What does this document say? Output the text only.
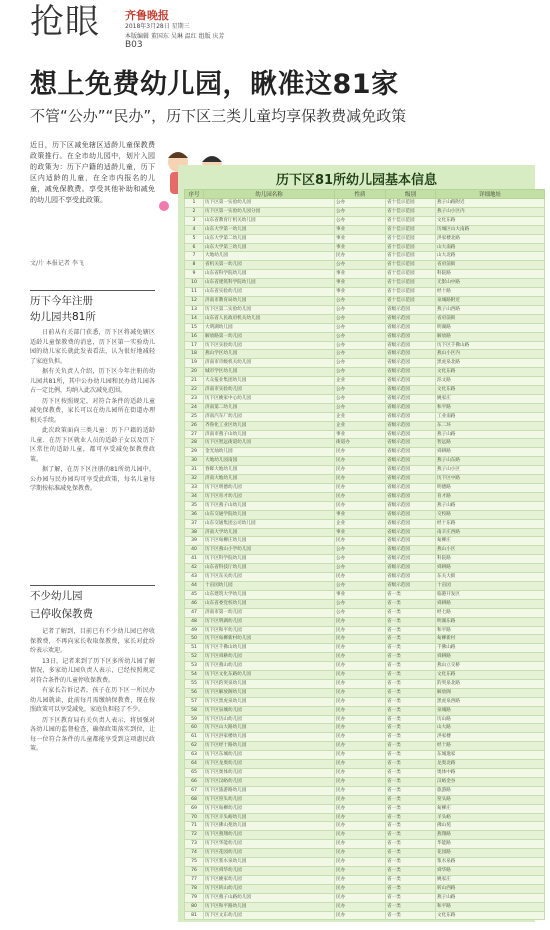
抢眼 齐鲁晚报
2018年3月28日 星期三
本版编辑 董国东 吴琳 温红 组版 庆芳
B03
想上免费幼儿园，瞅准这81家
不管“公办”“民办”，历下区三类儿童均享保教费减免政策
近日，历下区减免辖区适龄儿童保教费政策推行。在全市幼儿园中，划片入园的政策为：历下户籍的适龄儿童，历下区内适龄的儿童，在全市内报名的儿童，减免保教费。享受其他补助和减免的幼儿园不享受此政策。
文/片 本报记者 李飞
历下今年注册
幼儿园共81所

日前从有关部门获悉，历下区将减免辖区适龄儿童保教费的消息，历下区第一实验幼儿园的幼儿家长就此发表看法，认为很好地减轻了家庭负担。

据有关负责人介绍，历下区今年注册的幼儿园共81所，其中公办幼儿园和民办幼儿园各占一定比例，均纳入此次减免范围。

历下区按照规定，对符合条件的适龄儿童减免保教费，家长可以在幼儿园所在街道办理相关手续。

此次政策面向三类儿童：历下户籍的适龄儿童、在历下区就业人员的适龄子女以及历下区常住的适龄儿童，都可享受减免保教费政策。

据了解，在历下区注册的81所幼儿园中，公办园与民办园均可享受此政策，每名儿童每学期按标准减免保教费。

不少幼儿园
已停收保教费

记者了解到，目前已有不少幼儿园已停收保教费，不再向家长收取保教费，家长对此纷纷表示欢迎。

13日，记者来到了历下区多所幼儿园了解情况，多家幼儿园负责人表示，已经按照规定对符合条件的儿童停收保教费。

有家长告诉记者，孩子在历下区一所民办幼儿园就读，此前每月需缴纳保教费，现在按照政策可以享受减免，家庭负担轻了不少。

历下区教育局有关负责人表示，将加强对各幼儿园的监督检查，确保政策落实到位，让每一位符合条件的儿童都能享受到这项惠民政策。

历下区81所幼儿园基本信息
序号	幼儿园名称	性质	级别	详细地址
1	历下区第一实验幼儿园	公办	省十佳示范园	燕子山路附近
2	历下区第一实验幼儿园分园	公办	省十佳示范园	燕子山小区内
3	山东省教育厅机关幼儿园	公办	省十佳示范园	文化东路
4	山东大学第一幼儿园	事业	省十佳示范园	历城区山大南路
5	山东大学第二幼儿园	事业	省十佳示范园	洪家楼北路
6	山东大学第三幼儿园	事业	省十佳示范园	山大南路
7	大地幼儿园	民办	省十佳示范园	山大北路
8	省机关第一幼儿园	公办	省十佳示范园	省府前街
9	山东省科学院幼儿园	事业	省十佳示范园	科院路
10	山东省建筑科学院幼儿园	事业	省十佳示范园	无影山中路
11	山东省实验幼儿园	事业	省十佳示范园	经十路
12	济南市教育局幼儿园	公办	省十佳示范园	泉城路附近
13	历下区第二实验幼儿园	公办	省级示范园	燕子山西路
14	山东省人民政府机关幼儿园	公办	省级示范园	省府前街
15	大明湖幼儿园	公办	省级示范园	明湖路
16	解放路第一幼儿园	公办	省级示范园	解放路
17	历下区实验幼儿园	公办	省级示范园	历下区千佛山路
18	燕山学区幼儿园	公办	省级示范园	燕山小区内
19	济南市市级机关幼儿园	公办	省级示范园	黑虎泉北路
20	城市学区幼儿园	公办	省级示范园	文化东路
21	大众报业集团幼儿园	企业	省级示范园	泺文路
22	济南市实验幼儿园	公办	省级示范园	文化东路
23	历下区姚家中心幼儿园	公办	省级示范园	姚家庄
24	济南第二幼儿园	公办	省级示范园	和平路
25	济南汽车厂幼儿园	企业	省级示范园	工业南路
26	齐鲁化工业区幼儿园	企业	省级示范园	东二环
27	济南市燕子山幼儿园	事业	省级示范园	燕子山路
28	历下区智远街道幼儿园	街道办	省级示范园	智远路
29	金光灿幼儿园	民办	省级示范园	舜耕路
30	大地幼儿园南园	民办	省级示范园	燕子山东路
31	春晖大地幼儿园	民办	省级示范园	燕子山小区
32	济南大地幼儿园	民办	省级示范园	历下区中路
33	历下区明德幼儿园	民办	省级示范园	明德路
34	历下区育才幼儿园	民办	省级示范园	育才路
35	历下区燕子山幼儿园	民办	省级示范园	燕子山路
36	山东交通学院幼儿园	事业	省级示范园	交校路
37	山东交通集团公司幼儿园	企业	省级示范园	经十东路
38	济南大学幼儿园	事业	省级示范园	南辛庄西路
39	历下区甸柳庄幼儿园	民办	省级示范园	甸柳庄
40	历下区燕山小学幼儿园	公办	省级示范园	燕山小区
41	历下区科学院幼儿园	公办	省级示范园	科院路
42	山东省科技厅幼儿园	公办	省级示范园	舜耕路
43	历下区东关幼儿园	民办	省级示范园	东关大街
44	十亩园幼儿园	公办	省级示范园	十亩园
45	山东建筑大学幼儿园	事业	省一类	临港开发区
46	山东省委党校幼儿园	公办	省一类	舜耕路
47	济南市第一幼儿园	公办	省一类	经七路
48	历下区明湖幼儿园	民办	省一类	明湖东路
49	历下区和平幼儿园	民办	省一类	和平路
50	历下区甸柳新村幼儿园	民办	省一类	甸柳新村
51	历下区千佛山幼儿园	民办	省一类	千佛山路
52	历下区舜耕幼儿园	民办	省一类	舜耕路
53	历下区燕山幼儿园	民办	省一类	燕山立交桥
54	历下区文化东路幼儿园	民办	省一类	文化东路
55	历下区趵突泉幼儿园	民办	省一类	趵突泉北路
56	历下区解放阁幼儿园	民办	省一类	解放阁
57	历下区黑虎泉幼儿园	民办	省一类	黑虎泉西路
58	历下区泉城幼儿园	民办	省一类	泉城路
59	历下区历山幼儿园	民办	省一类	历山路
60	历下区山大路幼儿园	民办	省一类	山大路
61	历下区洪家楼幼儿园	民办	省一类	洪家楼
62	历下区经十路幼儿园	民办	省一类	经十路
63	历下区东城幼儿园	民办	省一类	东城逸家
64	历下区龙奥幼儿园	民办	省一类	龙奥北路
65	历下区奥体幼儿园	民办	省一类	奥体中路
66	历下区汉峪幼儿园	民办	省一类	汉峪金谷
67	历下区旅游路幼儿园	民办	省一类	旅游路
68	历下区窑头幼儿园	民办	省一类	窑头路
69	历下区甸柳幼儿园	民办	省一类	甸柳庄
70	历下区羊头峪幼儿园	民办	省一类	羊头峪
71	历下区佛山苑幼儿园	民办	省一类	佛山苑
72	历下区燕翔幼儿园	民办	省一类	燕翔路
73	历下区华能幼儿园	民办	省一类	华能路
74	历下区花园幼儿园	民办	省一类	花园路
75	历下区浆水泉幼儿园	民办	省一类	浆水泉路
76	历下区舜华幼儿园	民办	省一类	舜华路
77	历下区姚家幼儿园	民办	省一类	姚家庄
78	历下区转山幼儿园	民办	省一类	转山西路
79	历下区燕子山路幼儿园	民办	省一类	燕子山路
80	历下区和平路幼儿园	民办	省一类	和平路
81	历下区文东幼儿园	民办	省一类	文化东路
